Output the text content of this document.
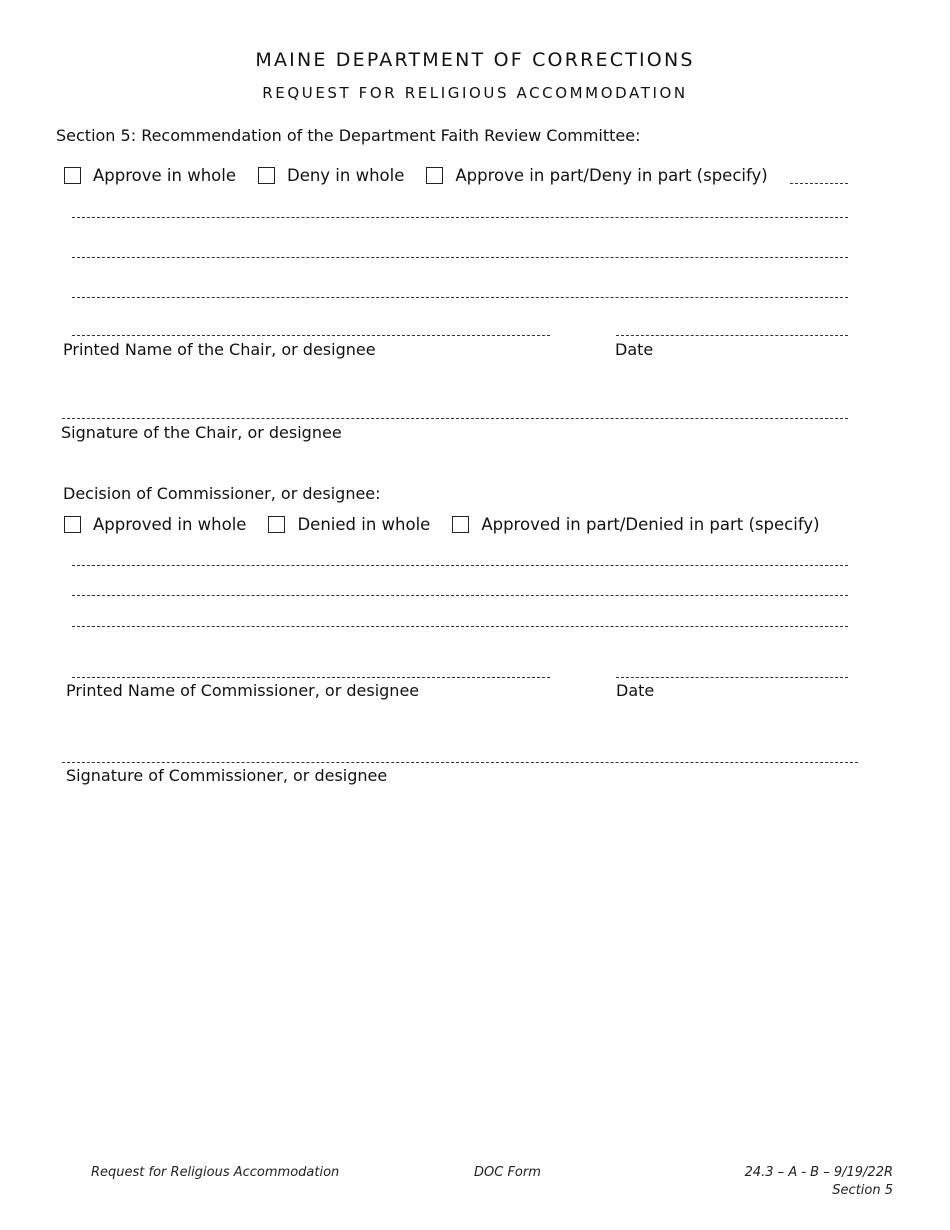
MAINE DEPARTMENT OF CORRECTIONS
REQUEST FOR RELIGIOUS ACCOMMODATION
Section 5: Recommendation of the Department Faith Review Committee:
Approve in whole	Deny in whole	Approve in part/Deny in part (specify)
Printed Name of the Chair, or designee	Date
Signature of the Chair, or designee
Decision of Commissioner, or designee:
Approved in whole	Denied in whole	Approved in part/Denied in part (specify)
Printed Name of Commissioner, or designee	Date
Signature of Commissioner, or designee
Request for Religious Accommodation	DOC Form	24.3 – A - B – 9/19/22R
Section 5
